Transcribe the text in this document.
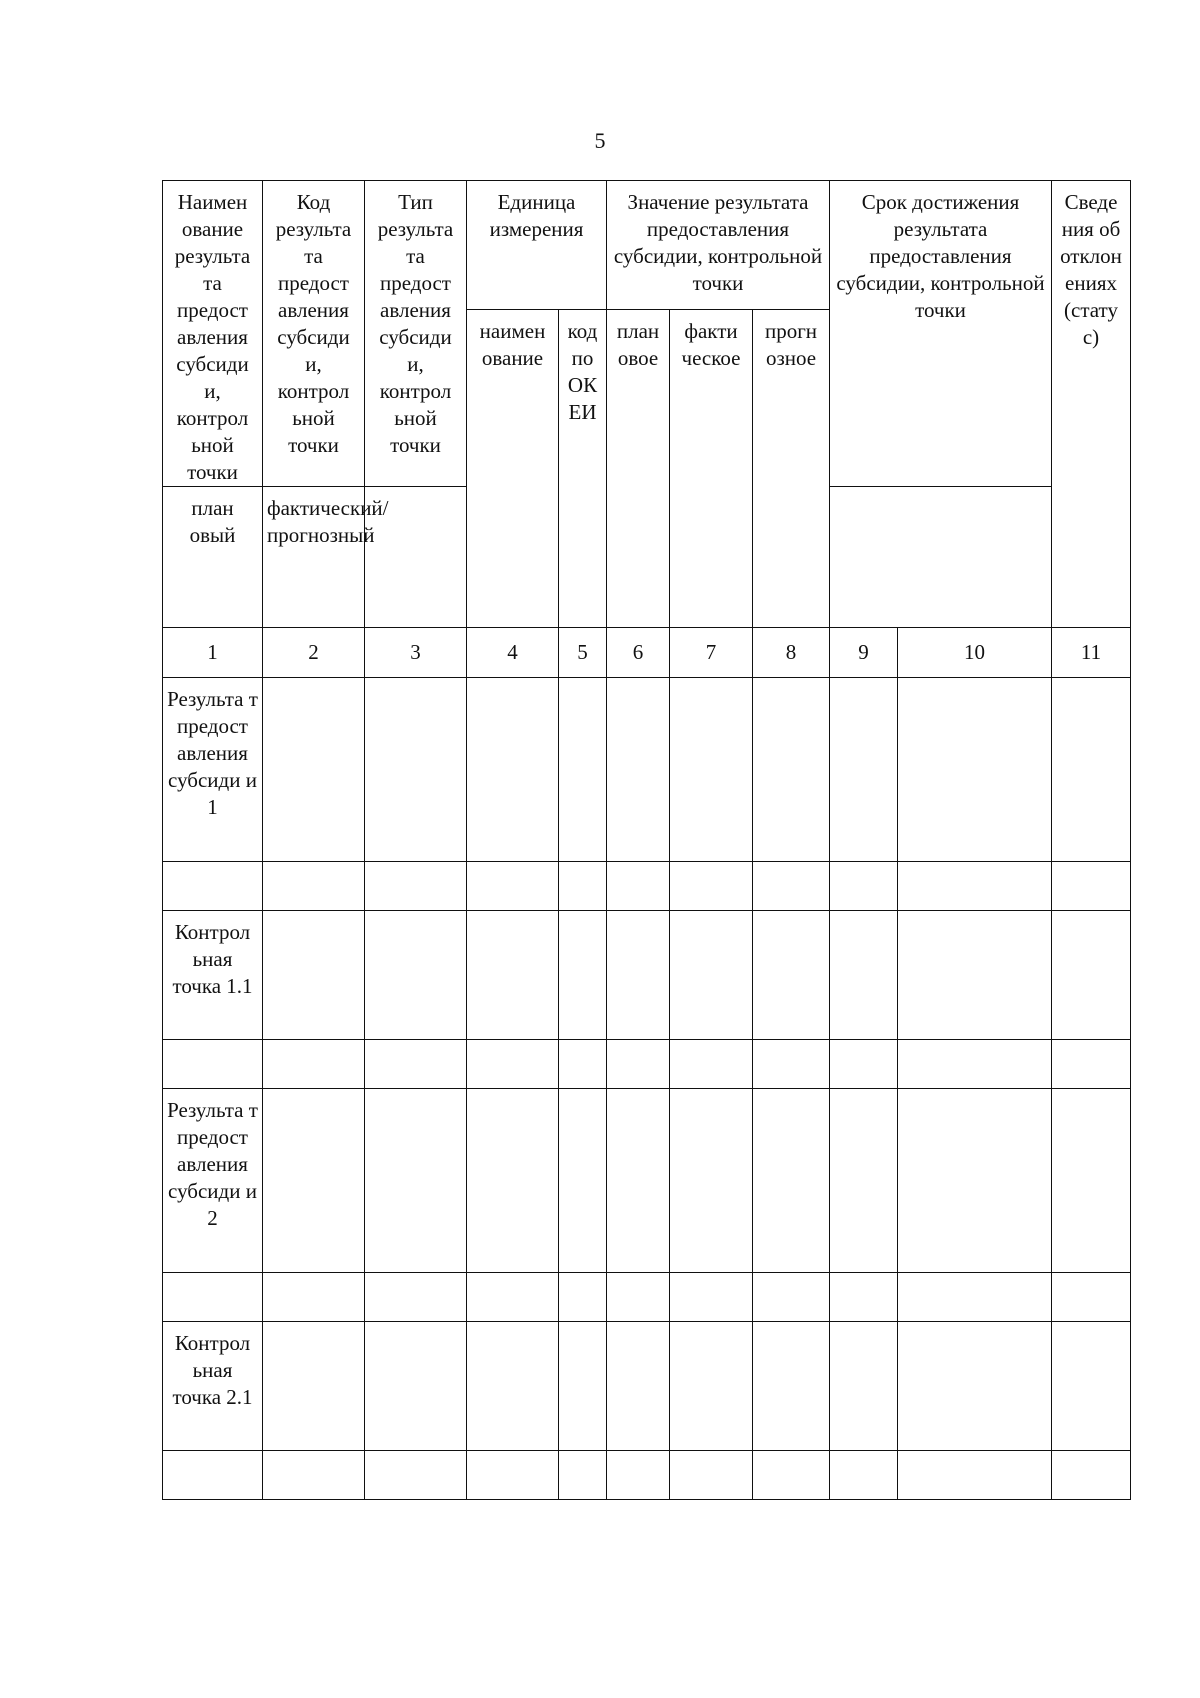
5
Наимен ование результа та предост авления субсиди и, контрол ьной точки	Код результа та предост авления субсиди и, контрол ьной точки	Тип результа та предост авления субсиди и, контрол ьной точки	Единица измерения		Значение результата предоставления субсидии, контрольной точки			Срок достижения результата предоставления субсидии, контрольной точки		Сведе ния об отклон ениях (стату с)
			наимен ование	код по ОК ЕИ	план овое	факти ческое	прогн озное			
план овый	фактический/ прогнозный									
1	2	3	4	5	6	7	8	9	10	11
Результа т предост авления субсиди и 1										

Контрол ьная точка 1.1										

Результа т предост авления субсиди и 2										

Контрол ьная точка 2.1										
